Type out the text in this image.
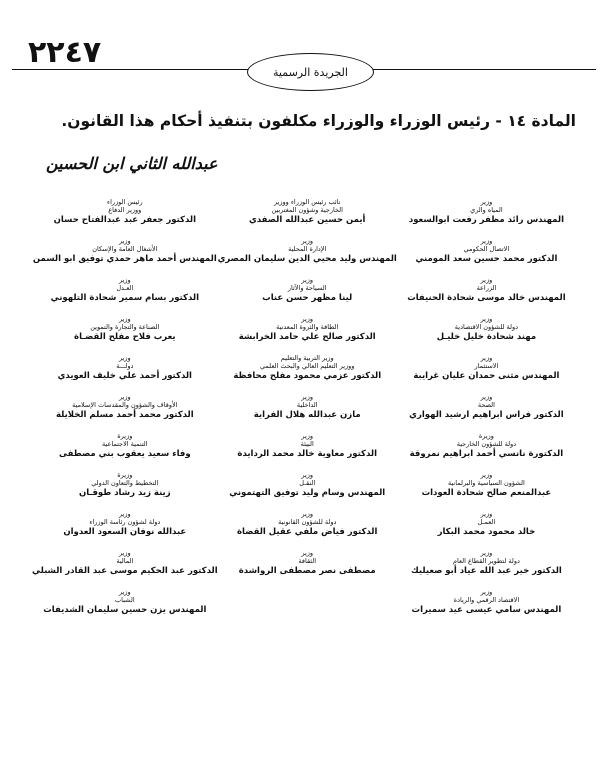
٢٢٤٧
الجريدة الرسمية
المادة ١٤ - رئيس الوزراء والوزراء مكلفون بتنفيذ أحكام هذا القانون.
عبدالله الثاني ابن الحسين
وزير
المياه والري
المهندس رائد مظفر رفعت ابوالسعود
نائب رئيس الوزراء ووزير
الخارجية وشؤون المغتربين
أيمن حسين عبدالله الصفدي
رئيس الوزراء
ووزير الدفاع
الدكتور جعفر عبد عبدالفتاح حسان
وزير
الاتصال الحكومي
الدكتور محمد حسين سعد المومني
وزير
الإدارة المحلية
المهندس وليد محيي الدين سليمان المصري
وزير
الأشغال العامة والإسكان
المهندس أحمد ماهر حمدي توفيق ابو السمن
وزير
الزراعة
المهندس خالد موسى شحادة الحنيفات
وزير
السياحة والآثار
لينا مظهر حسن عناب
وزير
العـدل
الدكتور بسام سمير شحادة التلهوني
وزير
دولة للشؤون الاقتصادية
مهند شحادة خليل خليـل
وزير
الطاقة والثروة المعدنية
الدكتور صالح علي حامد الخرابشة
وزير
الصناعة والتجارة والتموين
يعرب فلاح مفلح القضـاة
وزير
الاستثمار
المهندس مثنى حمدان عليان غرايبة
وزير التربية والتعليم
ووزير التعليم العالي والبحث العلمي
الدكتور عزمي محمود مفلح محافظة
وزير
دولـــة
الدكتور أحمد علي خليف العويدي
وزير
الصحة
الدكتور فراس ابراهيم ارشيد الهواري
وزير
الداخلية
مازن عبدالله هلال الفراية
وزير
الأوقاف والشؤون والمقدسات الإسلامية
الدكتور محمد أحمد مسلم الخلايلة
وزيرة
دولة للشؤون الخارجية
الدكتورة نانسي أحمد ابراهيم نمروقة
وزير
البيئة
الدكتور معاوية خالد محمد الردايدة
وزيرة
التنمية الاجتماعية
وفاء سعيد يعقوب بني مصطفى
وزير
الشؤون السياسية والبرلمانية
عبدالمنعم صالح شحادة العودات
وزير
النقـل
المهندس وسام وليد توفيق التهتموني
وزيرة
التخطيط والتعاون الدولي
زينة زيد رشاد طوقـان
وزير
العمـل
خالد محمود محمد البكار
وزير
دولة للشؤون القانونية
الدكتور فياض ملفي عقيل القضاة
وزير
دولة لشؤون رئاسة الوزراء
عبدالله نوفان السعود العدوان
وزير
دولة لتطوير القطاع العام
الدكتور خير عبد الله عياد أبو صعيليك
وزير
الثقافة
مصطفى نصر مصطفى الرواشدة
وزير
المالية
الدكتور عبد الحكيم موسى عبد القادر الشبلي
وزير
الاقتصاد الرقمي والريادة
المهندس سامي عيسى عيد سميرات
وزير
الشباب
المهندس يزن حسين سليمان الشديفات
